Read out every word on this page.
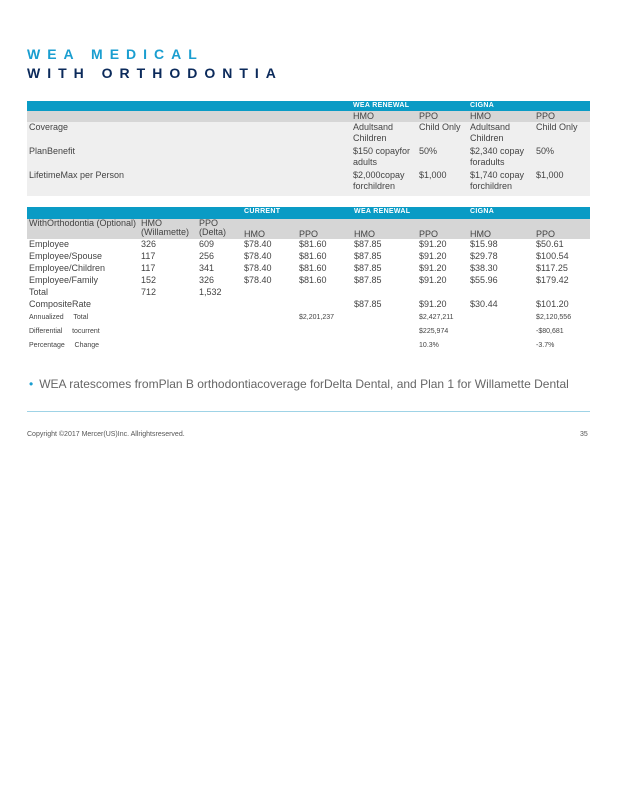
WEA MEDICAL
WITH ORTHODONTIA
	WEA RENEWAL		CIGNA	
	HMO	PPO	HMO	PPO
Coverage	Adultsand Children	Child Only	Adultsand Children	Child Only
PlanBenefit	$150 copayfor adults	50%	$2,340 copay foradults	50%
LifetimeMax per Person	$2,000copay forchildren	$1,000	$1,740 copay forchildren	$1,000
			CURRENT		WEA RENEWAL		CIGNA	
WithOrthodontia (Optional)	HMO (Willamette)	PPO (Delta)	HMO	PPO	HMO	PPO	HMO	PPO
Employee	326	609	$78.40	$81.60	$87.85	$91.20	$15.98	$50.61
Employee/Spouse	117	256	$78.40	$81.60	$87.85	$91.20	$29.78	$100.54
Employee/Children	117	341	$78.40	$81.60	$87.85	$91.20	$38.30	$117.25
Employee/Family	152	326	$78.40	$81.60	$87.85	$91.20	$55.96	$179.42
Total	712	1,532						
CompositeRate					$87.85	$91.20	$30.44	$101.20
Annualized Total				$2,201,237		$2,427,211		$2,120,556
Differential tocurrent						$225,974		-$80,681
Percentage Change						10.3%		-3.7%
• WEA ratescomes fromPlan B orthodontiacoverage forDelta Dental, and Plan 1 for Willamette Dental
Copyright ©2017 Mercer(US)Inc. Allrightsreserved.	35
